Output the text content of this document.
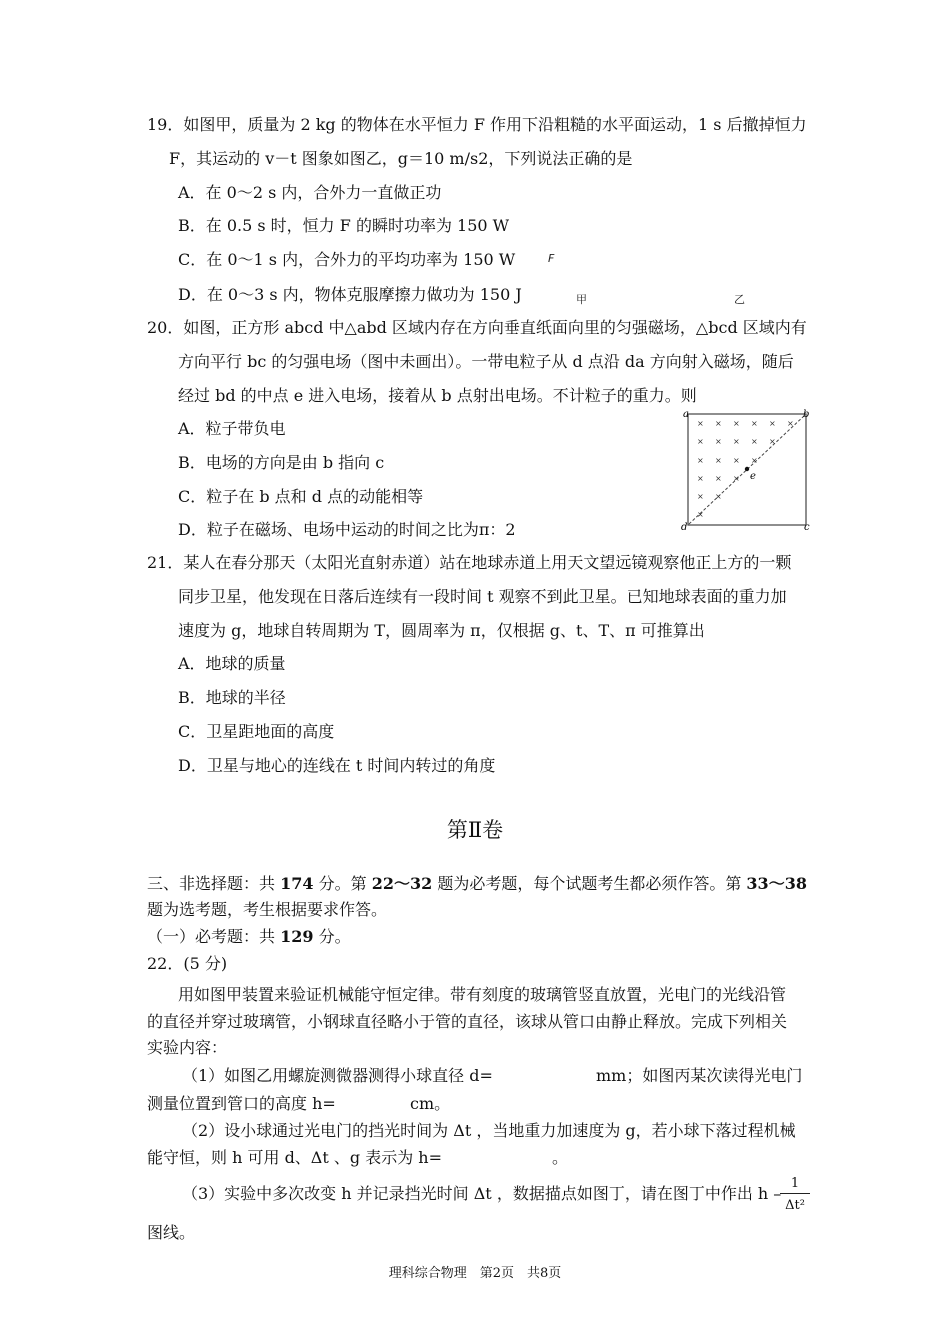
19．如图甲，质量为 2 kg 的物体在水平恒力 F 作用下沿粗糙的水平面运动，1 s 后撤掉恒力
F，其运动的 v－t 图象如图乙，g＝10 m/s2，下列说法正确的是
A．在 0～2 s 内，合外力一直做正功
B．在 0.5 s 时，恒力 F 的瞬时功率为 150 W
C．在 0～1 s 内，合外力的平均功率为 150 W
D．在 0～3 s 内，物体克服摩擦力做功为 150 J
F
甲	乙
20．如图，正方形 abcd 中△abd 区域内存在方向垂直纸面向里的匀强磁场，△bcd 区域内有
方向平行 bc 的匀强电场（图中未画出）。一带电粒子从 d 点沿 da 方向射入磁场，随后
经过 bd 的中点 e 进入电场，接着从 b 点射出电场。不计粒子的重力。则
A．粒子带负电
B．电场的方向是由 b 指向 c
C．粒子在 b 点和 d 点的动能相等
D．粒子在磁场、电场中运动的时间之比为π：2
× × × × × ×
× × × × ×
× × × ×
× × ×
× ×
×
a	b
c
d
e
21．某人在春分那天（太阳光直射赤道）站在地球赤道上用天文望远镜观察他正上方的一颗
同步卫星，他发现在日落后连续有一段时间 t 观察不到此卫星。已知地球表面的重力加
速度为 g，地球自转周期为 T，圆周率为 π，仅根据 g、t、T、π 可推算出
A．地球的质量
B．地球的半径
C．卫星距地面的高度
D．卫星与地心的连线在 t 时间内转过的角度
第Ⅱ卷
三、非选择题：共 174 分。第 22～32 题为必考题，每个试题考生都必须作答。第 33～38
题为选考题，考生根据要求作答。
（一）必考题：共 129 分。
22．(5 分)
用如图甲装置来验证机械能守恒定律。带有刻度的玻璃管竖直放置，光电门的光线沿管
的直径并穿过玻璃管，小钢球直径略小于管的直径，该球从管口由静止释放。完成下列相关
实验内容：
（1）如图乙用螺旋测微器测得小球直径 d=	mm；如图丙某次读得光电门
测量位置到管口的高度 h=	cm。
（2）设小球通过光电门的挡光时间为 Δt ，当地重力加速度为 g，若小球下落过程机械
能守恒，则 h 可用 d、Δt 、g 表示为 h=	。
（3）实验中多次改变 h 并记录挡光时间 Δt ，数据描点如图丁，请在图丁中作出 h –
1
Δt²
图线。
理科综合物理　第2页　共8页
